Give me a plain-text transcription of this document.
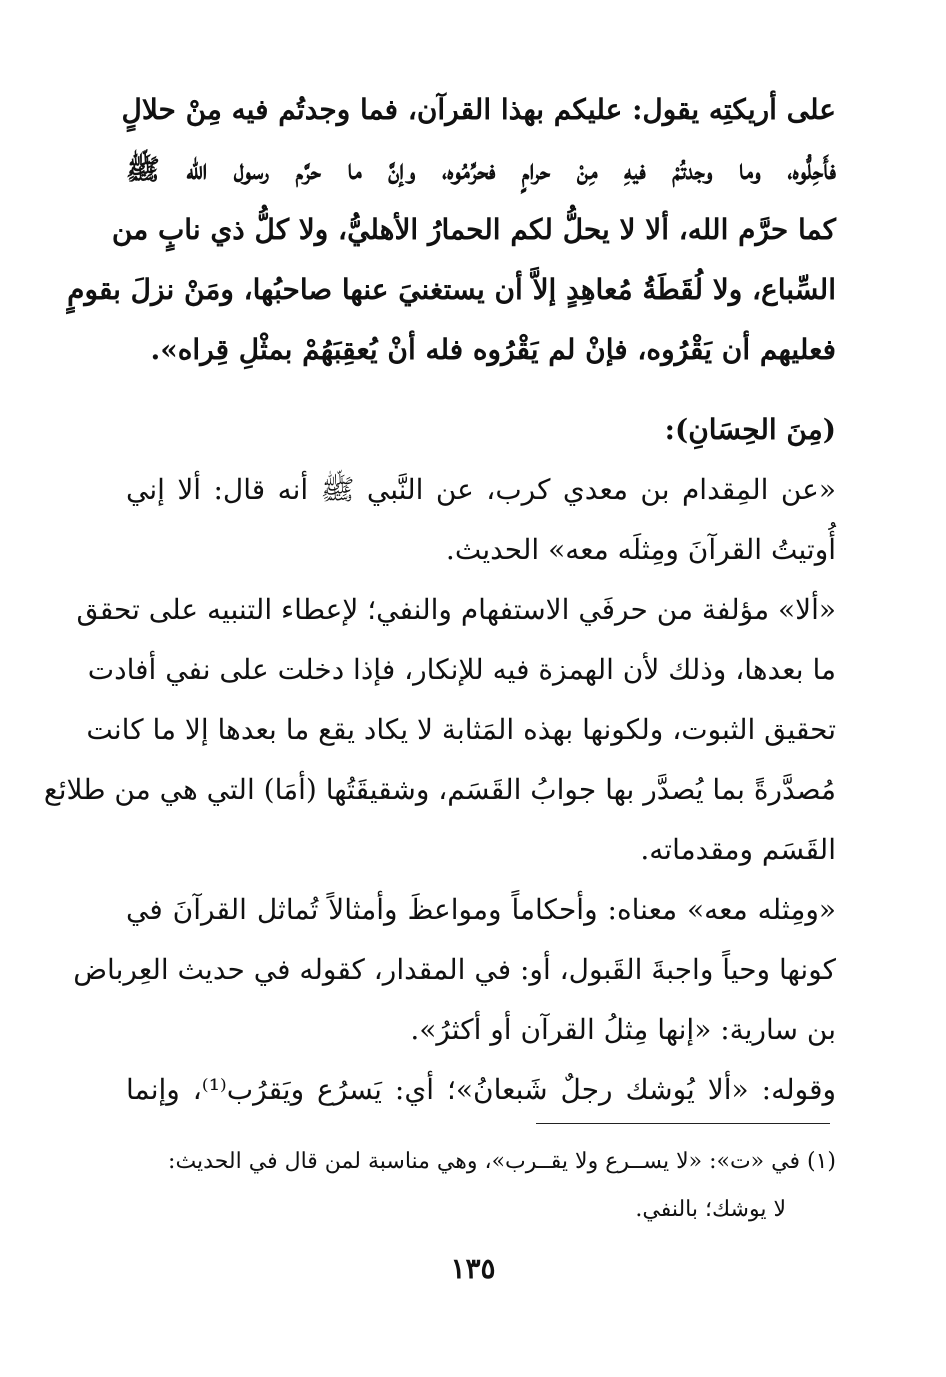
على أريكتِه يقول: عليكم بهذا القرآن، فما وجدتُم فيه مِنْ حلالٍ
فأَحِلُّوه، وما وجدتُمْ فيهِ مِنْ حرامٍ فحرِّمُوه، وإنَّ ما حرَّم رسول الله ﷺ
كما حرَّم الله، ألا لا يحلُّ لكم الحمارُ الأهليُّ، ولا كلُّ ذي نابٍ من
السِّباع، ولا لُقَطَةُ مُعاهِدٍ إلاَّ أن يستغنيَ عنها صاحبُها، ومَنْ نزلَ بقومٍ
فعليهم أن يَقْرُوه، فإنْ لم يَقْرُوه فله أنْ يُعقِبَهُمْ بمثْلِ قِراه».
(مِنَ الحِسَانِ):
«عن المِقدام بن معدي كرب، عن النَّبي ﷺ أنه قال: ألا إني
أُوتيتُ القرآنَ ومِثلَه معه» الحديث.
«ألا» مؤلفة من حرفَي الاستفهام والنفي؛ لإعطاء التنبيه على تحقق
ما بعدها، وذلك لأن الهمزة فيه للإنكار، فإذا دخلت على نفي أفادت
تحقيق الثبوت، ولكونها بهذه المَثابة لا يكاد يقع ما بعدها إلا ما كانت
مُصدَّرةً بما يُصدَّر بها جوابُ القَسَم، وشقيقَتُها (أمَا) التي هي من طلائع
القَسَم ومقدماته.
«ومِثله معه» معناه: وأحكاماً ومواعظَ وأمثالاً تُماثل القرآنَ في
كونها وحياً واجبةَ القَبول، أو: في المقدار، كقوله في حديث العِرباض
بن سارية: «إنها مِثلُ القرآن أو أكثرُ».
وقوله: «ألا يُوشك رجلٌ شَبعانُ»؛ أي: يَسرُع ويَقرُب⁽¹⁾، وإنما
(١) في «ت»: «لا يســرع ولا يقــرب»، وهي مناسبة لمن قال في الحديث:
لا يوشك؛ بالنفي.
١٣٥
